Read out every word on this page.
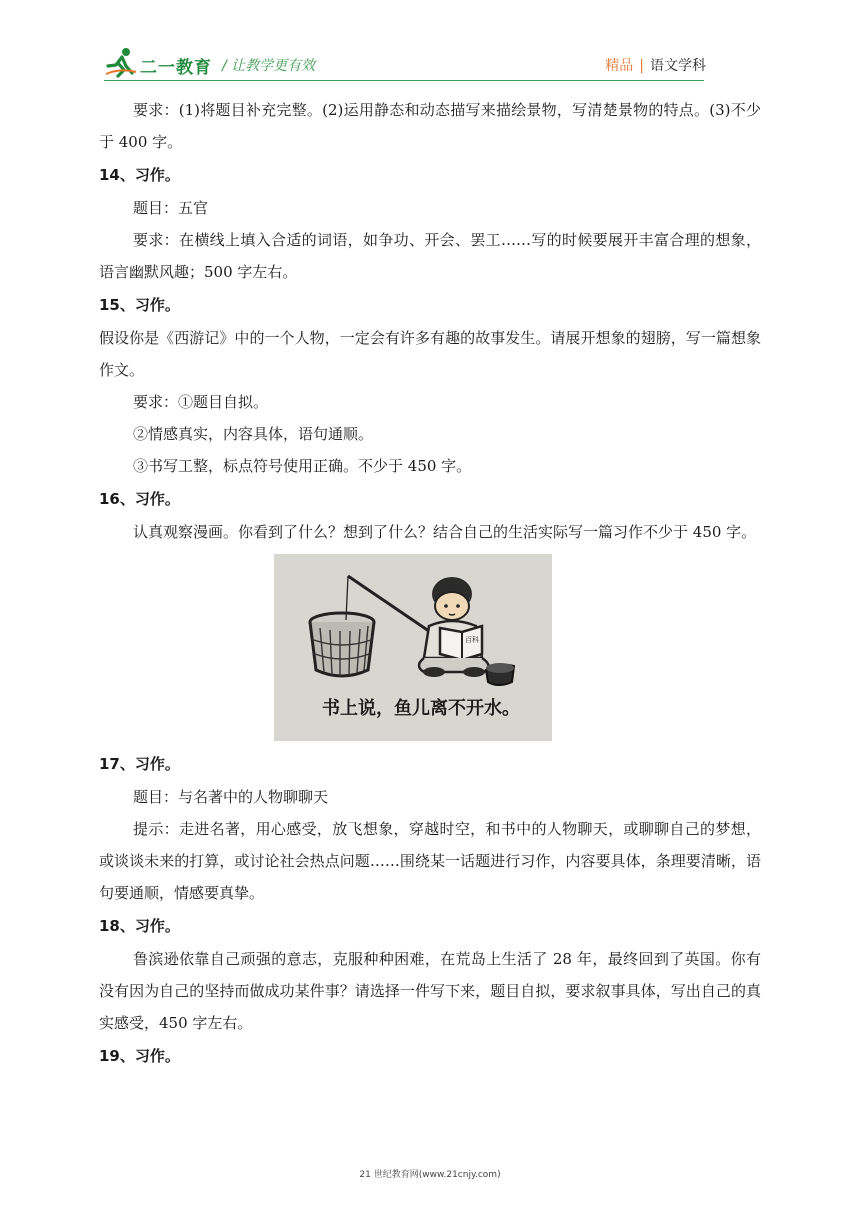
二一教育 / 让教学更有效	精品 | 语文学科

要求：(1)将题目补充完整。(2)运用静态和动态描写来描绘景物，写清楚景物的特点。(3)不少于 400 字。

14、习作。

题目：五官

要求：在横线上填入合适的词语，如争功、开会、罢工……写的时候要展开丰富合理的想象，语言幽默风趣；500 字左右。

15、习作。

假设你是《西游记》中的一个人物，一定会有许多有趣的故事发生。请展开想象的翅膀，写一篇想象作文。

要求：①题目自拟。

②情感真实，内容具体，语句通顺。

③书写工整，标点符号使用正确。不少于 450 字。

16、习作。

认真观察漫画。你看到了什么？想到了什么？结合自己的生活实际写一篇习作不少于 450 字。

百科
书上说，鱼儿离不开水。

17、习作。

题目：与名著中的人物聊聊天

提示：走进名著，用心感受，放飞想象，穿越时空，和书中的人物聊天，或聊聊自己的梦想，或谈谈未来的打算，或讨论社会热点问题……围绕某一话题进行习作，内容要具体，条理要清晰，语句要通顺，情感要真挚。

18、习作。

鲁滨逊依靠自己顽强的意志，克服种种困难，在荒岛上生活了 28 年，最终回到了英国。你有没有因为自己的坚持而做成功某件事？请选择一件写下来，题目自拟，要求叙事具体，写出自己的真实感受，450 字左右。

19、习作。

21 世纪教育网(www.21cnjy.com)
